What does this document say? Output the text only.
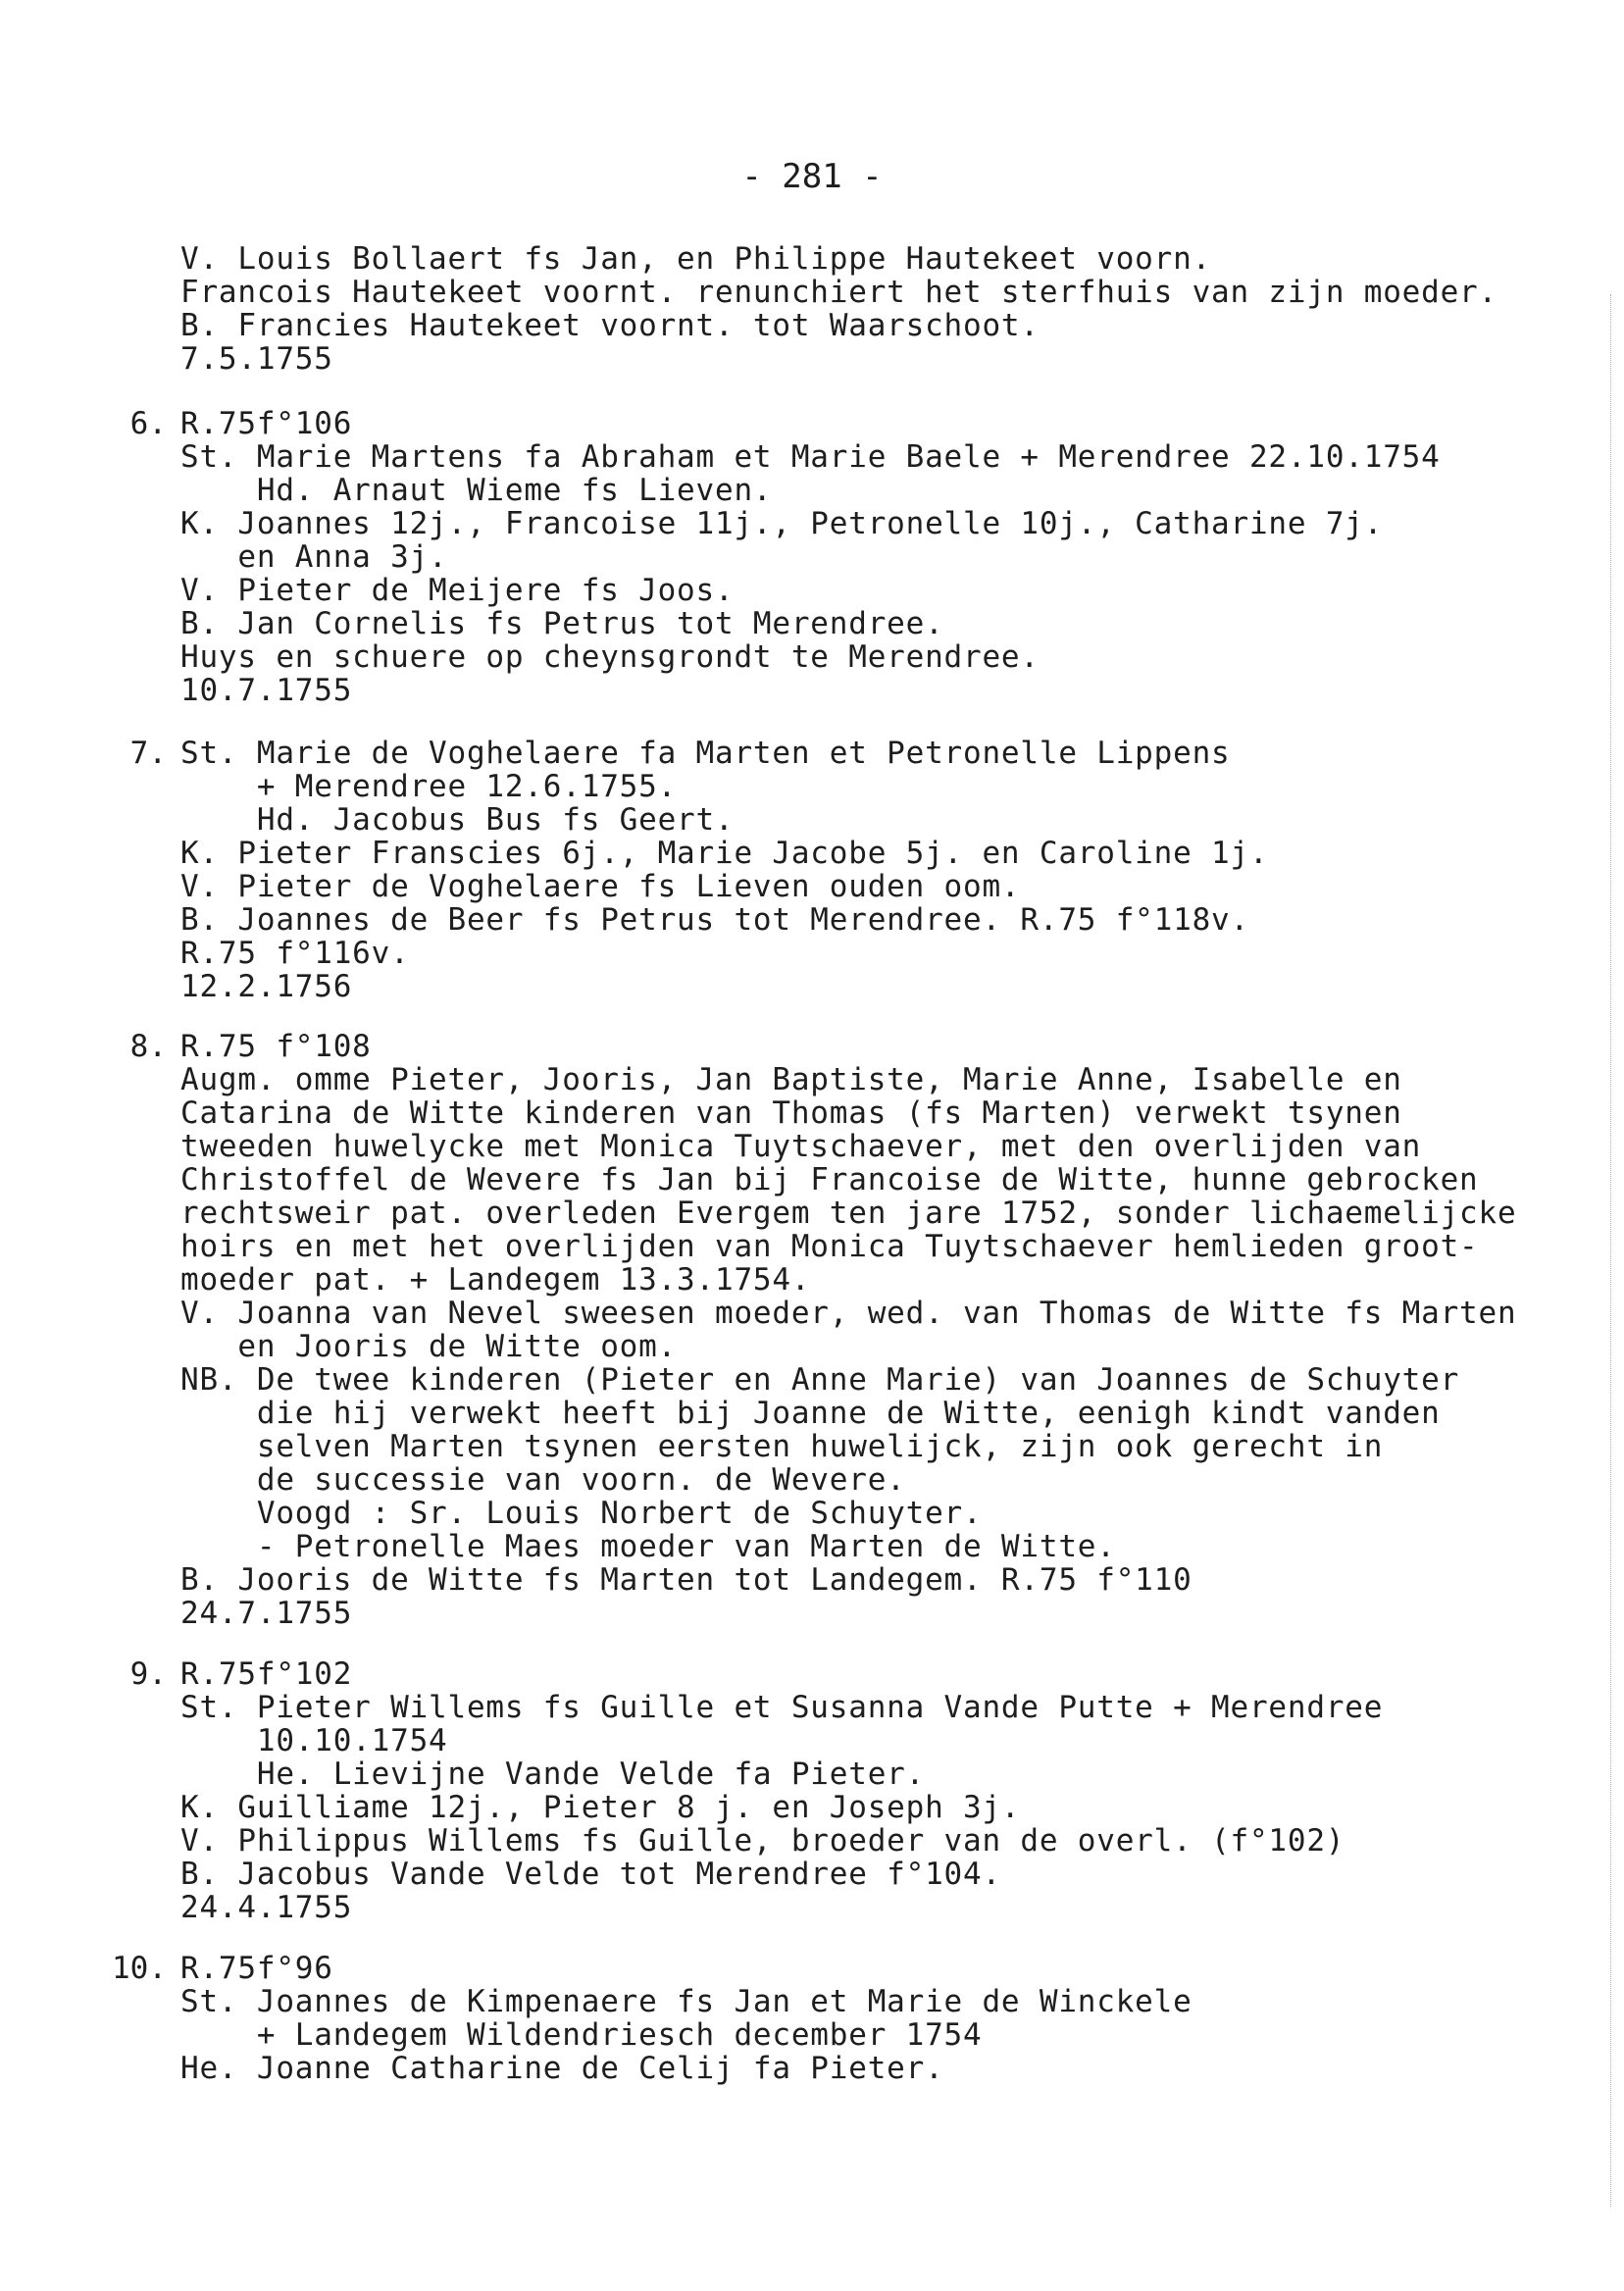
- 281 -
V. Louis Bollaert fs Jan, en Philippe Hautekeet voorn.
Francois Hautekeet voornt. renunchiert het sterfhuis van zijn moeder.
B. Francies Hautekeet voornt. tot Waarschoot.
7.5.1755
6. R.75f°106
St. Marie Martens fa Abraham et Marie Baele + Merendree 22.10.1754
Hd. Arnaut Wieme fs Lieven.
K. Joannes 12j., Francoise 11j., Petronelle 10j., Catharine 7j.
en Anna 3j.
V. Pieter de Meijere fs Joos.
B. Jan Cornelis fs Petrus tot Merendree.
Huys en schuere op cheynsgrondt te Merendree.
10.7.1755
7. St. Marie de Voghelaere fa Marten et Petronelle Lippens
+ Merendree 12.6.1755.
Hd. Jacobus Bus fs Geert.
K. Pieter Franscies 6j., Marie Jacobe 5j. en Caroline 1j.
V. Pieter de Voghelaere fs Lieven ouden oom.
B. Joannes de Beer fs Petrus tot Merendree. R.75 f°118v.
R.75 f°116v.
12.2.1756
8. R.75 f°108
Augm. omme Pieter, Jooris, Jan Baptiste, Marie Anne, Isabelle en
Catarina de Witte kinderen van Thomas (fs Marten) verwekt tsynen
tweeden huwelycke met Monica Tuytschaever, met den overlijden van
Christoffel de Wevere fs Jan bij Francoise de Witte, hunne gebrocken
rechtsweir pat. overleden Evergem ten jare 1752, sonder lichaemelijcke
hoirs en met het overlijden van Monica Tuytschaever hemlieden groot-
moeder pat. + Landegem 13.3.1754.
V. Joanna van Nevel sweesen moeder, wed. van Thomas de Witte fs Marten
en Jooris de Witte oom.
NB. De twee kinderen (Pieter en Anne Marie) van Joannes de Schuyter
die hij verwekt heeft bij Joanne de Witte, eenigh kindt vanden
selven Marten tsynen eersten huwelijck, zijn ook gerecht in
de successie van voorn. de Wevere.
Voogd : Sr. Louis Norbert de Schuyter.
- Petronelle Maes moeder van Marten de Witte.
B. Jooris de Witte fs Marten tot Landegem. R.75 f°110
24.7.1755
9. R.75f°102
St. Pieter Willems fs Guille et Susanna Vande Putte + Merendree
10.10.1754
He. Lievijne Vande Velde fa Pieter.
K. Guilliame 12j., Pieter 8 j. en Joseph 3j.
V. Philippus Willems fs Guille, broeder van de overl. (f°102)
B. Jacobus Vande Velde tot Merendree f°104.
24.4.1755
10. R.75f°96
St. Joannes de Kimpenaere fs Jan et Marie de Winckele
+ Landegem Wildendriesch december 1754
He. Joanne Catharine de Celij fa Pieter.
